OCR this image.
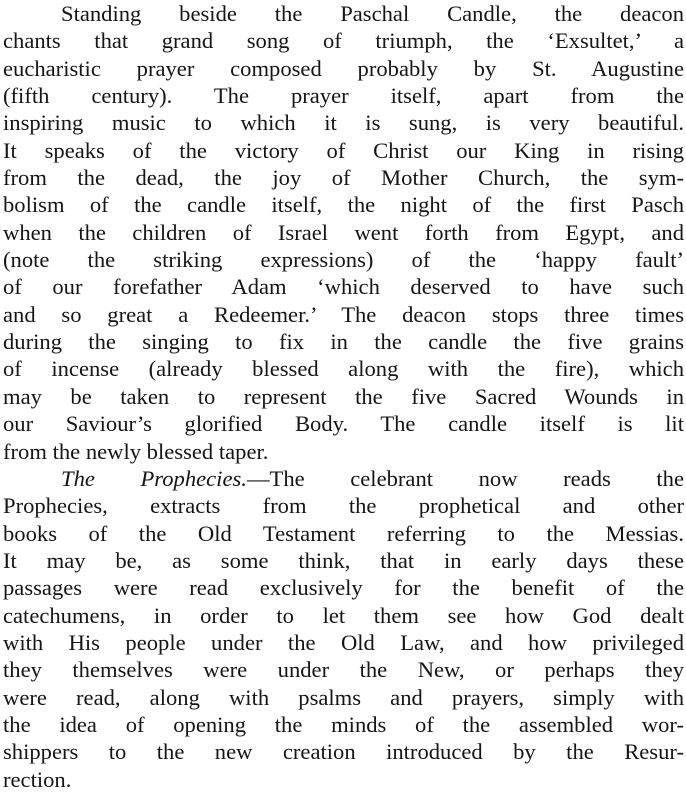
Standing beside the Paschal Candle, the deacon
chants that grand song of triumph, the ‘Exsultet,’ a
eucharistic prayer composed probably by St. Augustine
(fifth century). The prayer itself, apart from the
inspiring music to which it is sung, is very beautiful.
It speaks of the victory of Christ our King in rising
from the dead, the joy of Mother Church, the sym-
bolism of the candle itself, the night of the first Pasch
when the children of Israel went forth from Egypt, and
(note the striking expressions) of the ‘happy fault’
of our forefather Adam ‘which deserved to have such
and so great a Redeemer.’ The deacon stops three times
during the singing to fix in the candle the five grains
of incense (already blessed along with the fire), which
may be taken to represent the five Sacred Wounds in
our Saviour’s glorified Body. The candle itself is lit
from the newly blessed taper.
The Prophecies.—The celebrant now reads the
Prophecies, extracts from the prophetical and other
books of the Old Testament referring to the Messias.
It may be, as some think, that in early days these
passages were read exclusively for the benefit of the
catechumens, in order to let them see how God dealt
with His people under the Old Law, and how privileged
they themselves were under the New, or perhaps they
were read, along with psalms and prayers, simply with
the idea of opening the minds of the assembled wor-
shippers to the new creation introduced by the Resur-
rection.
